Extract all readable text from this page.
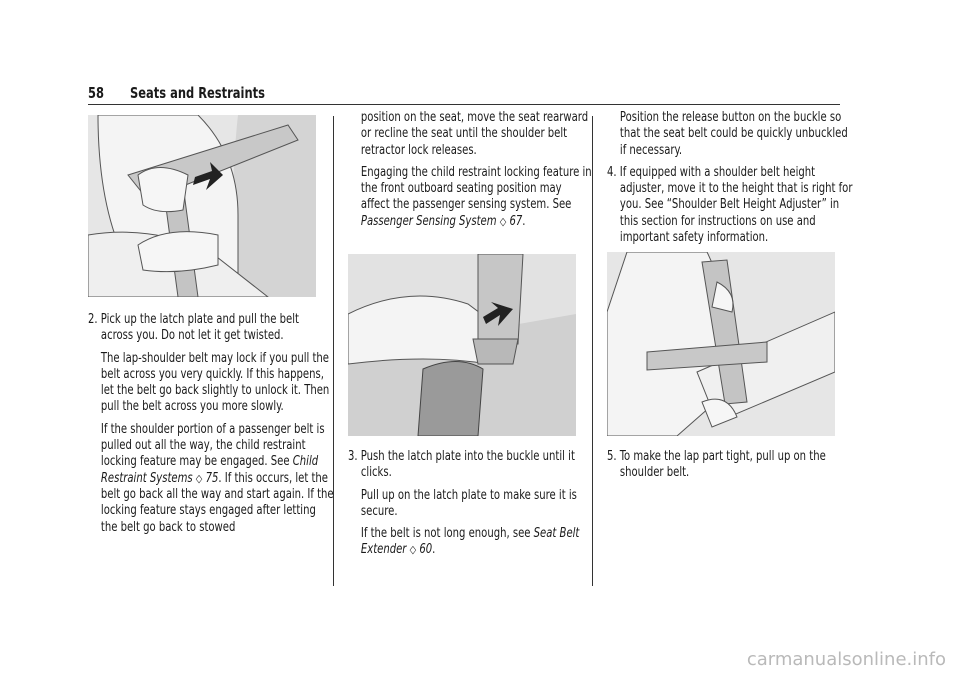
58 Seats and Restraints

2. Pick up the latch plate and pull the belt across you. Do not let it get twisted.

The lap-shoulder belt may lock if you pull the belt across you very quickly. If this happens, let the belt go back slightly to unlock it. Then pull the belt across you more slowly.

If the shoulder portion of a passenger belt is pulled out all the way, the child restraint locking feature may be engaged. See Child Restraint Systems ◇ 75. If this occurs, let the belt go back all the way and start again. If the locking feature stays engaged after letting the belt go back to stowed

position on the seat, move the seat rearward or recline the seat until the shoulder belt retractor lock releases.

Engaging the child restraint locking feature in the front outboard seating position may affect the passenger sensing system. See Passenger Sensing System ◇ 67.

3. Push the latch plate into the buckle until it clicks.

Pull up on the latch plate to make sure it is secure.

If the belt is not long enough, see Seat Belt Extender ◇ 60.

Position the release button on the buckle so that the seat belt could be quickly unbuckled if necessary.

4. If equipped with a shoulder belt height adjuster, move it to the height that is right for you. See “Shoulder Belt Height Adjuster” in this section for instructions on use and important safety information.

5. To make the lap part tight, pull up on the shoulder belt.

carmanualsonline.info
